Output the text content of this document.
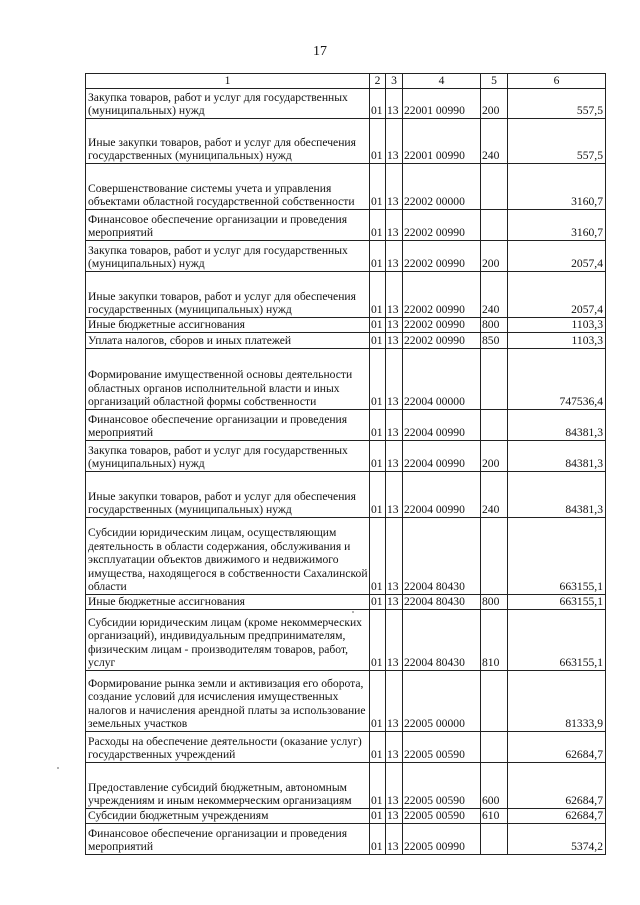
17
1	2	3	4	5	6
Закупка товаров, работ и услуг для государственных (муниципальных) нужд	01	13	22001 00990	200	557,5
Иные закупки товаров, работ и услуг для обеспечения государственных (муниципальных) нужд	01	13	22001 00990	240	557,5
Совершенствование системы учета и управления объектами областной государственной собственности	01	13	22002 00000		3160,7
Финансовое обеспечение организации и проведения мероприятий	01	13	22002 00990		3160,7
Закупка товаров, работ и услуг для государственных (муниципальных) нужд	01	13	22002 00990	200	2057,4
Иные закупки товаров, работ и услуг для обеспечения государственных (муниципальных) нужд	01	13	22002 00990	240	2057,4
Иные бюджетные ассигнования	01	13	22002 00990	800	1103,3
Уплата налогов, сборов и иных платежей	01	13	22002 00990	850	1103,3
Формирование имущественной основы деятельности областных органов исполнительной власти и иных организаций областной формы собственности	01	13	22004 00000		747536,4
Финансовое обеспечение организации и проведения мероприятий	01	13	22004 00990		84381,3
Закупка товаров, работ и услуг для государственных (муниципальных) нужд	01	13	22004 00990	200	84381,3
Иные закупки товаров, работ и услуг для обеспечения государственных (муниципальных) нужд	01	13	22004 00990	240	84381,3
Субсидии юридическим лицам, осуществляющим деятельность в области содержания, обслуживания и эксплуатации объектов движимого и недвижимого имущества, находящегося в собственности Сахалинской области	01	13	22004 80430		663155,1
Иные бюджетные ассигнования	01	13	22004 80430	800	663155,1
Субсидии юридическим лицам (кроме некоммерческих организаций), индивидуальным предпринимателям, физическим лицам - производителям товаров, работ, услуг	01	13	22004 80430	810	663155,1
Формирование рынка земли и активизация его оборота, создание условий для исчисления имущественных налогов и начисления арендной платы за использование земельных участков	01	13	22005 00000		81333,9
Расходы на обеспечение деятельности (оказание услуг) государственных учреждений	01	13	22005 00590		62684,7
Предоставление субсидий бюджетным, автономным учреждениям и иным некоммерческим организациям	01	13	22005 00590	600	62684,7
Субсидии бюджетным учреждениям	01	13	22005 00590	610	62684,7
Финансовое обеспечение организации и проведения мероприятий	01	13	22005 00990		5374,2
